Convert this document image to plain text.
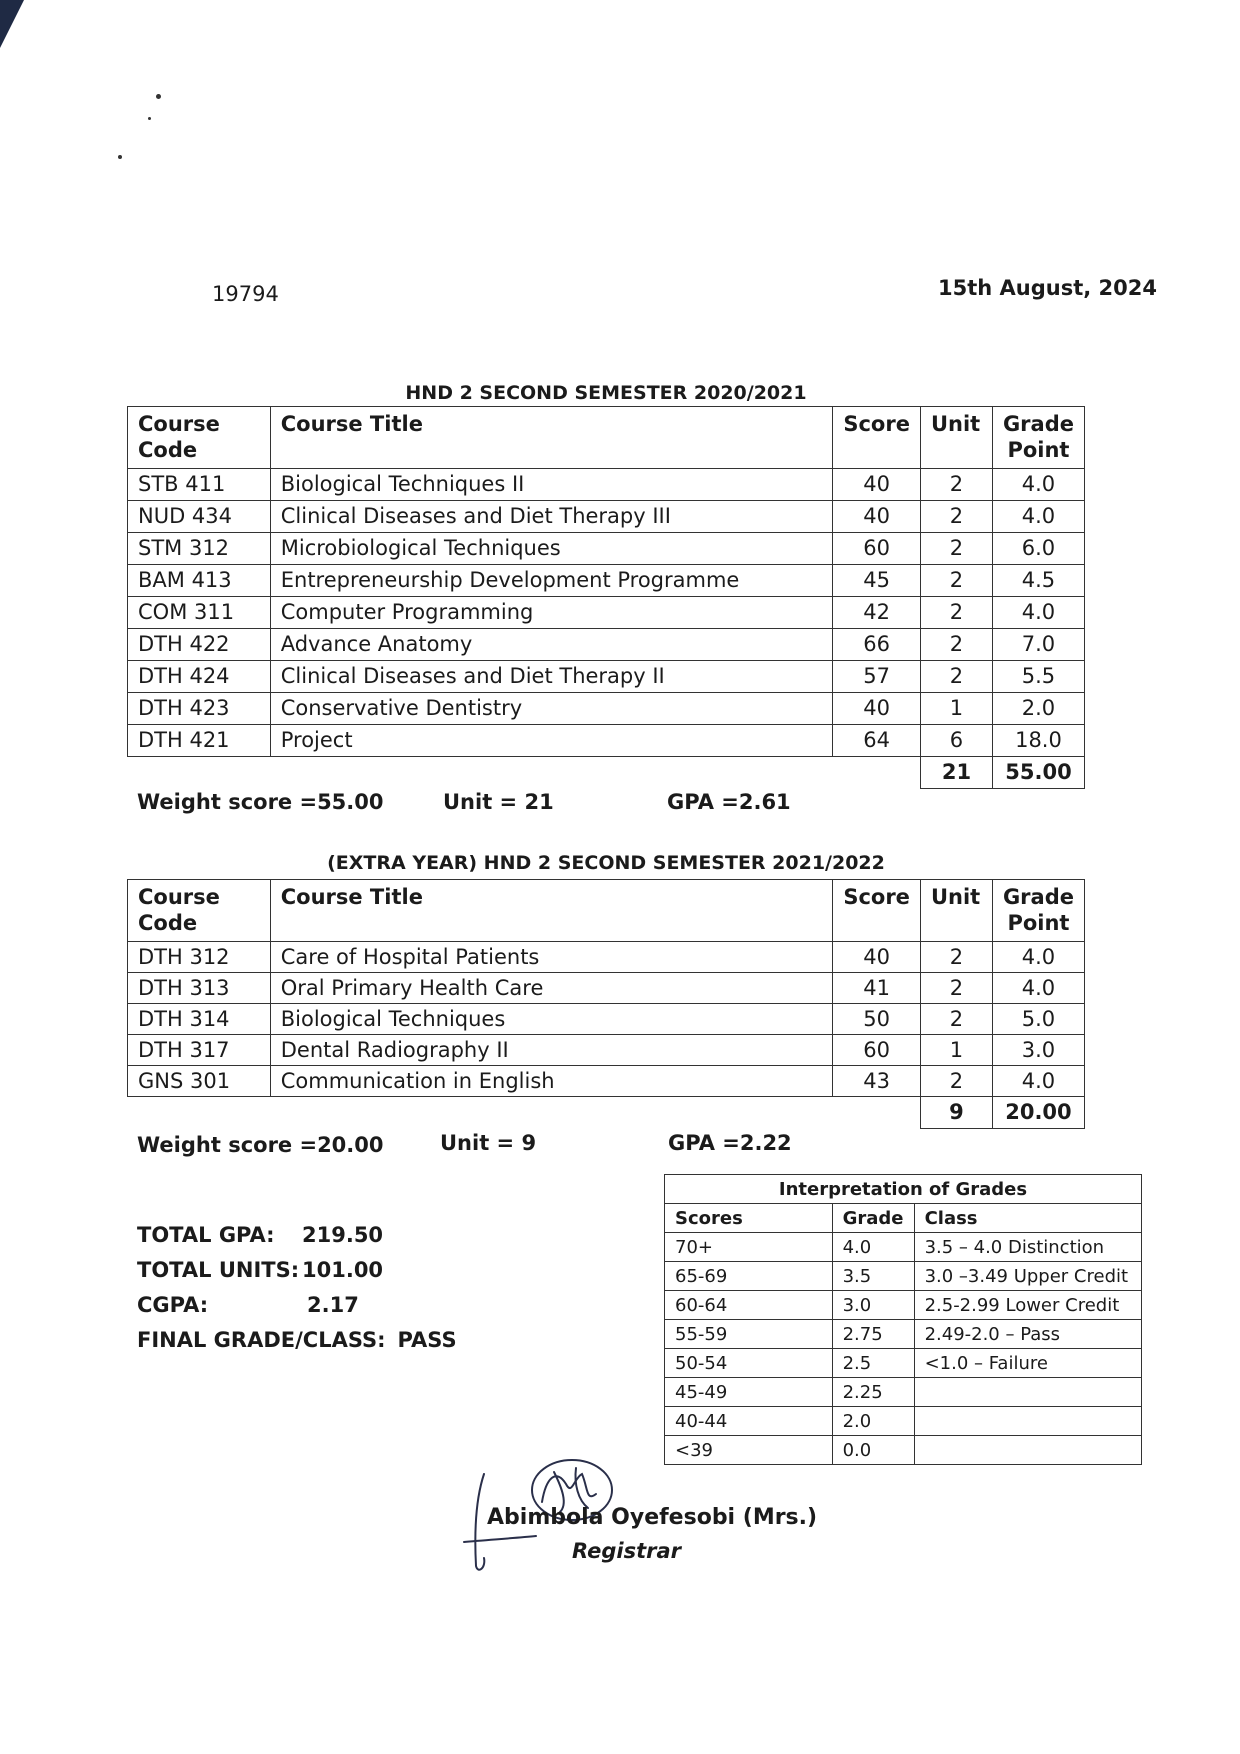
19794	15th August, 2024
HND 2 SECOND SEMESTER 2020/2021
Course Code	Course Title	Score	Unit	Grade Point
STB 411	Biological Techniques II	40	2	4.0
NUD 434	Clinical Diseases and Diet Therapy III	40	2	4.0
STM 312	Microbiological Techniques	60	2	6.0
BAM 413	Entrepreneurship Development Programme	45	2	4.5
COM 311	Computer Programming	42	2	4.0
DTH 422	Advance Anatomy	66	2	7.0
DTH 424	Clinical Diseases and Diet Therapy II	57	2	5.5
DTH 423	Conservative Dentistry	40	1	2.0
DTH 421	Project	64	6	18.0
			21	55.00
Weight score =55.00	Unit = 21	GPA =2.61
(EXTRA YEAR) HND 2 SECOND SEMESTER 2021/2022
Course Code	Course Title	Score	Unit	Grade Point
DTH 312	Care of Hospital Patients	40	2	4.0
DTH 313	Oral Primary Health Care	41	2	4.0
DTH 314	Biological Techniques	50	2	5.0
DTH 317	Dental Radiography II	60	1	3.0
GNS 301	Communication in English	43	2	4.0
			9	20.00
Weight score =20.00	Unit = 9	GPA =2.22
TOTAL GPA:	219.50
TOTAL UNITS: 101.00
CGPA:	2.17
FINAL GRADE/CLASS: PASS
Interpretation of Grades		
Scores	Grade	Class
70+	4.0	3.5 – 4.0 Distinction
65-69	3.5	3.0 –3.49 Upper Credit
60-64	3.0	2.5-2.99 Lower Credit
55-59	2.75	2.49-2.0 – Pass
50-54	2.5	<1.0 – Failure
45-49	2.25	
40-44	2.0	
<39	0.0	
Abimbola Oyefesobi (Mrs.)
Registrar
